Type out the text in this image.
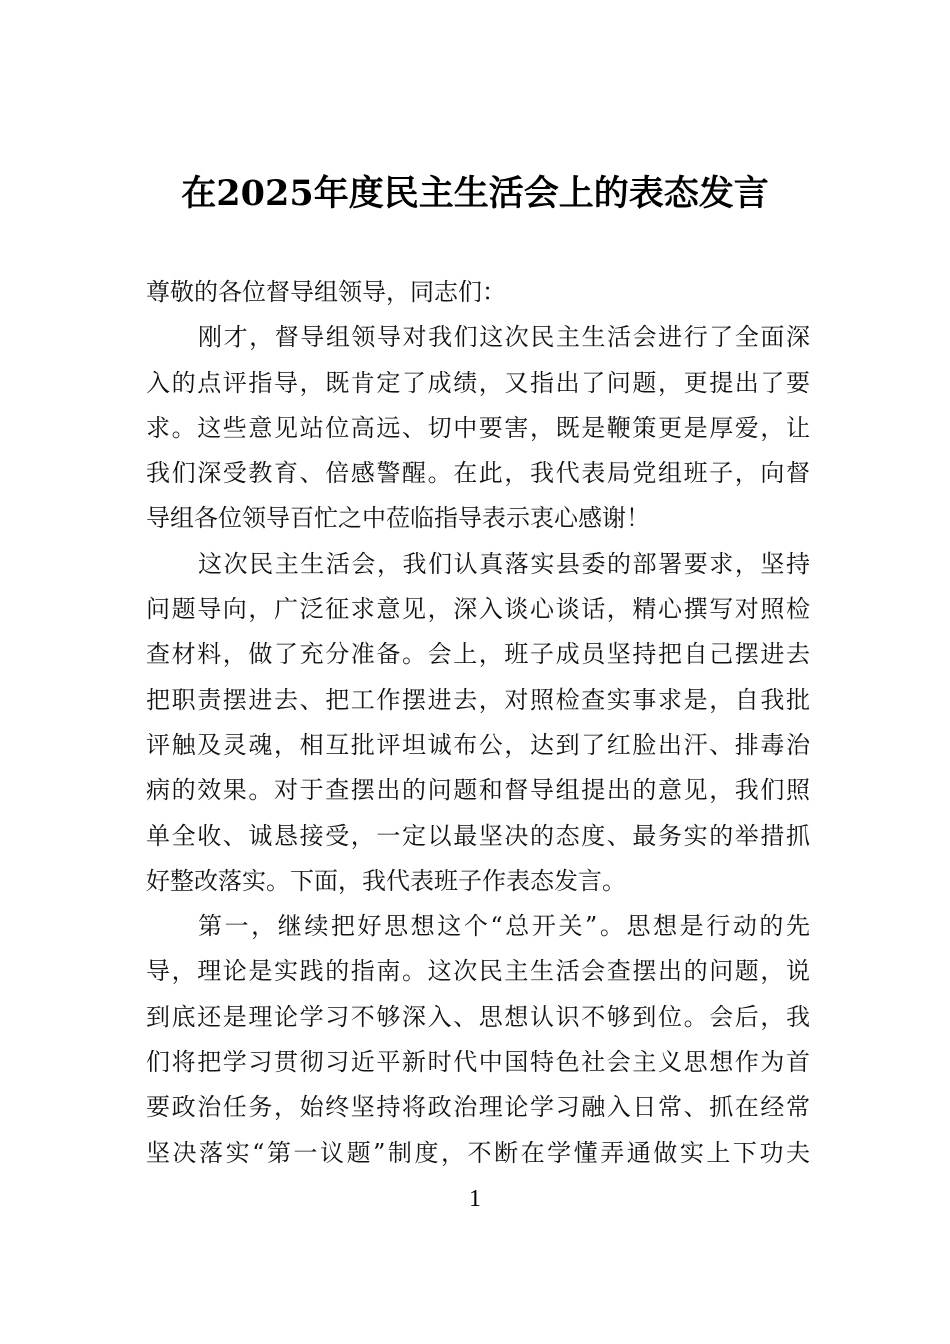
在2025年度民主生活会上的表态发言
尊敬的各位督导组领导，同志们：
刚才，督导组领导对我们这次民主生活会进行了全面深
入的点评指导，既肯定了成绩，又指出了问题，更提出了要
求。这些意见站位高远、切中要害，既是鞭策更是厚爱，让
我们深受教育、倍感警醒。在此，我代表局党组班子，向督
导组各位领导百忙之中莅临指导表示衷心感谢！
这次民主生活会，我们认真落实县委的部署要求，坚持
问题导向，广泛征求意见，深入谈心谈话，精心撰写对照检
查材料，做了充分准备。会上，班子成员坚持把自己摆进去
把职责摆进去、把工作摆进去，对照检查实事求是，自我批
评触及灵魂，相互批评坦诚布公，达到了红脸出汗、排毒治
病的效果。对于查摆出的问题和督导组提出的意见，我们照
单全收、诚恳接受，一定以最坚决的态度、最务实的举措抓
好整改落实。下面，我代表班子作表态发言。
第一，继续把好思想这个“总开关”。思想是行动的先
导，理论是实践的指南。这次民主生活会查摆出的问题，说
到底还是理论学习不够深入、思想认识不够到位。会后，我
们将把学习贯彻习近平新时代中国特色社会主义思想作为首
要政治任务，始终坚持将政治理论学习融入日常、抓在经常
坚决落实“第一议题”制度，不断在学懂弄通做实上下功夫
1
